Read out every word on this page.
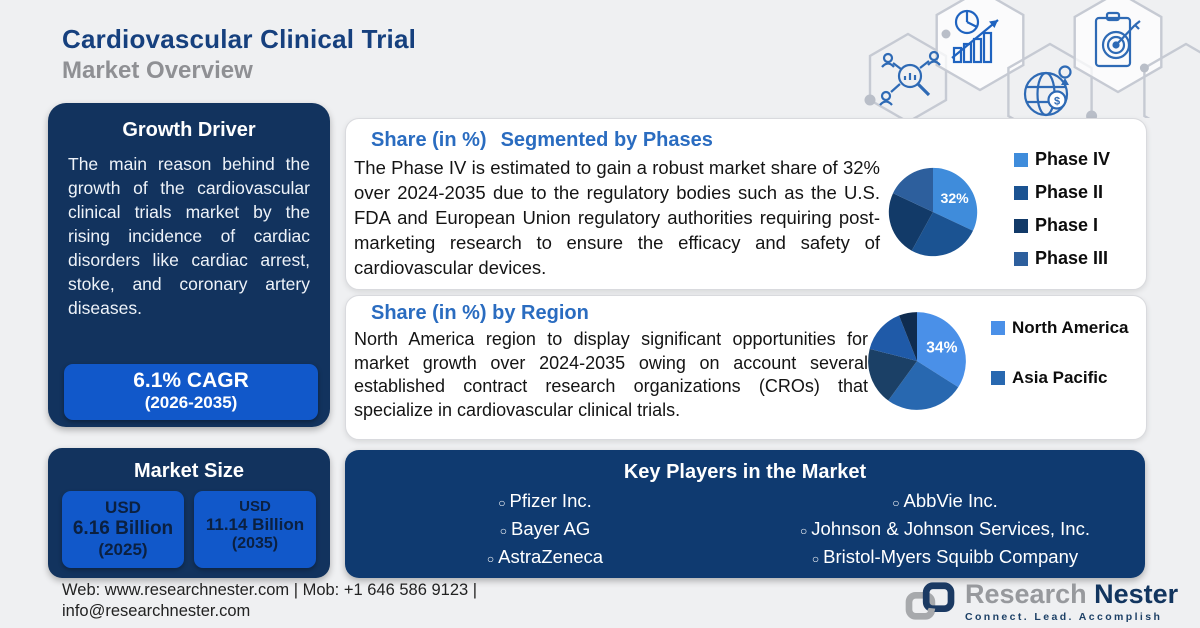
Cardiovascular Clinical Trial
Market Overview
$
Growth Driver
The main reason behind the growth of the cardiovascular clinical trials market by the rising incidence of cardiac disorders like cardiac arrest, stoke, and coronary artery diseases.
6.1% CAGR
(2026-2035)
Share (in %) Segmented by Phases
The Phase IV is estimated to gain a robust market share of 32% over 2024-2035 due to the regulatory bodies such as the U.S. FDA and European Union regulatory authorities requiring post-marketing research to ensure the efficacy and safety of cardiovascular devices.
32%
Phase IV
Phase II
Phase I
Phase III
Share (in %) by Region
North America region to display significant opportunities for market growth over 2024-2035 owing on account several established contract research organizations (CROs) that specialize in cardiovascular clinical trials.
34%
North America
Asia Pacific
Market Size
USD
6.16 Billion
(2025)
USD
11.14 Billion
(2035)
Key Players in the Market
○ Pfizer Inc.
○ Bayer AG
○ AstraZeneca
○ AbbVie Inc.
○ Johnson & Johnson Services, Inc.
○ Bristol-Myers Squibb Company
Web: www.researchnester.com | Mob: +1 646 586 9123 |
info@researchnester.com
Research Nester
Connect. Lead. Accomplish
